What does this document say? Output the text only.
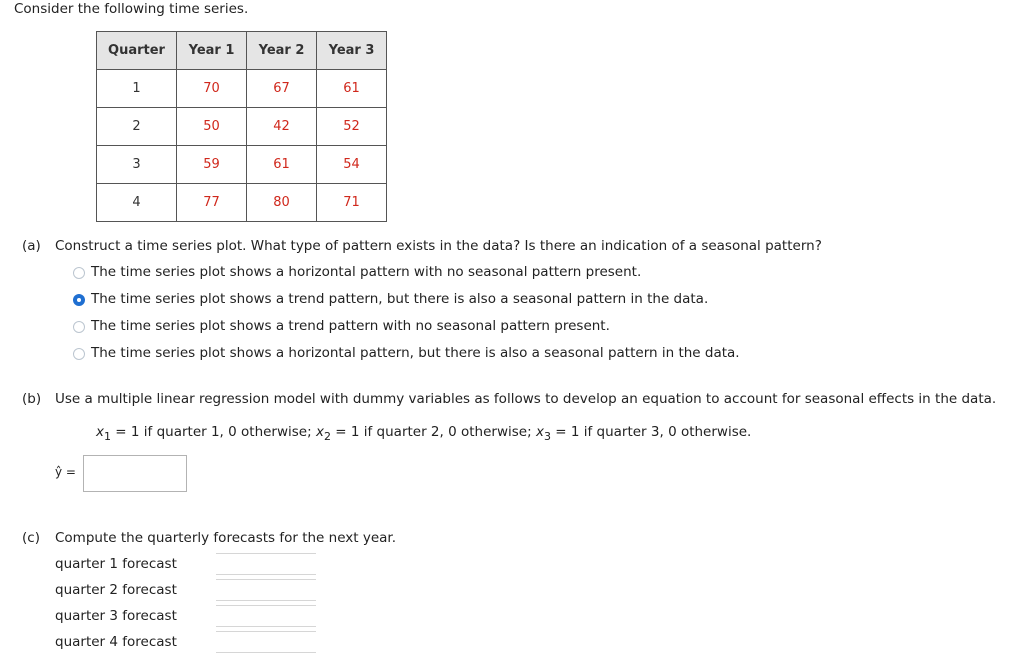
Consider the following time series.
Quarter	Year 1	Year 2	Year 3
1	70	67	61
2	50	42	52
3	59	61	54
4	77	80	71
(a) Construct a time series plot. What type of pattern exists in the data? Is there an indication of a seasonal pattern?
The time series plot shows a horizontal pattern with no seasonal pattern present.
The time series plot shows a trend pattern, but there is also a seasonal pattern in the data.
The time series plot shows a trend pattern with no seasonal pattern present.
The time series plot shows a horizontal pattern, but there is also a seasonal pattern in the data.
(b) Use a multiple linear regression model with dummy variables as follows to develop an equation to account for seasonal effects in the data.
$x_1 = 1$ if quarter 1, 0 otherwise; $x_2 = 1$ if quarter 2, 0 otherwise; $x_3 = 1$ if quarter 3, 0 otherwise.
ŷ =
(c) Compute the quarterly forecasts for the next year.
quarter 1 forecast
quarter 2 forecast
quarter 3 forecast
quarter 4 forecast
